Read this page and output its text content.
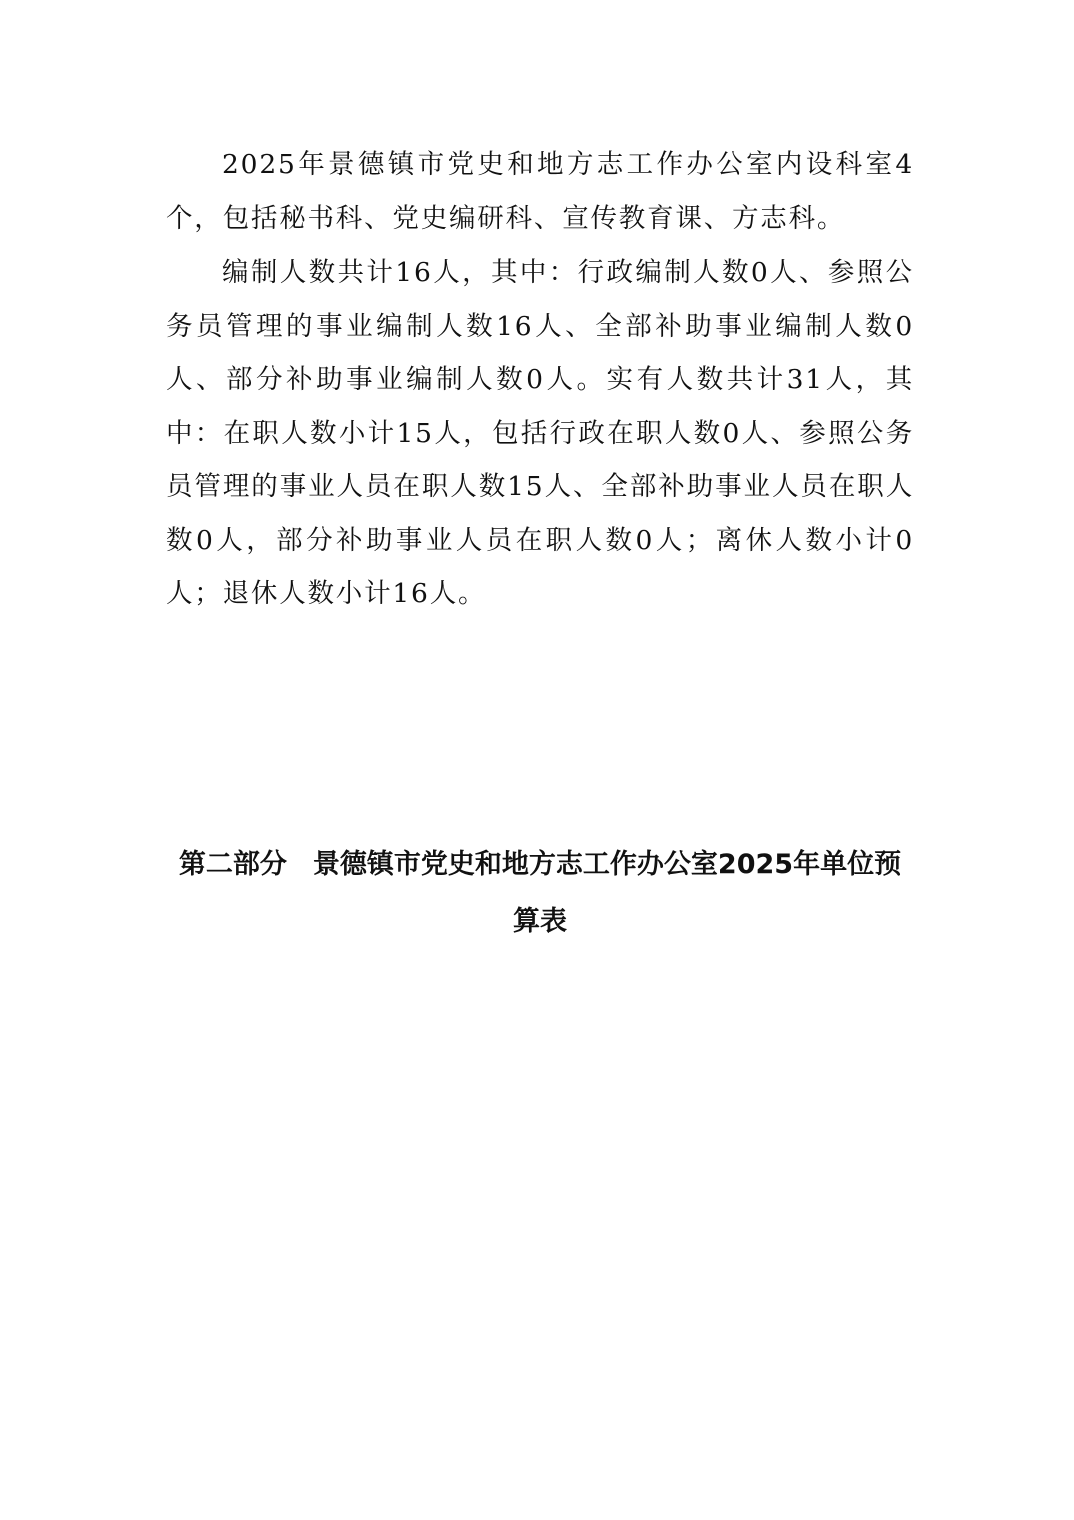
2025年景德镇市党史和地方志工作办公室内设科室4个，包括秘书科、党史编研科、宣传教育课、方志科。

编制人数共计16人，其中：行政编制人数0人、参照公务员管理的事业编制人数16人、全部补助事业编制人数0人、部分补助事业编制人数0人。实有人数共计31人，其中：在职人数小计15人，包括行政在职人数0人、参照公务员管理的事业人员在职人数15人、全部补助事业人员在职人数0人，部分补助事业人员在职人数0人；离休人数小计0人；退休人数小计16人。

第二部分 景德镇市党史和地方志工作办公室2025年单位预算表
